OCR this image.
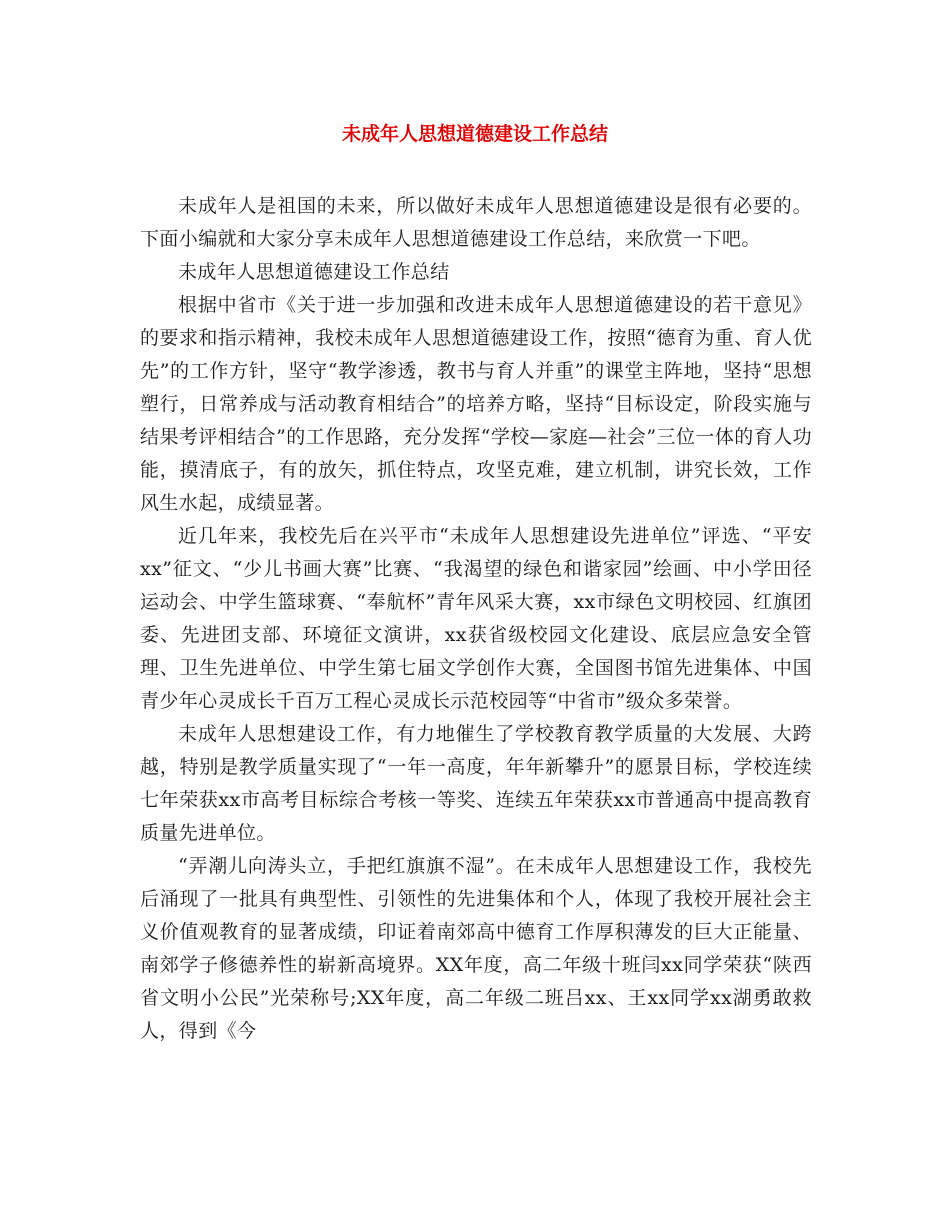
未成年人思想道德建设工作总结

未成年人是祖国的未来，所以做好未成年人思想道德建设是很有必要的。下面小编就和大家分享未成年人思想道德建设工作总结，来欣赏一下吧。

未成年人思想道德建设工作总结

根据中省市《关于进一步加强和改进未成年人思想道德建设的若干意见》的要求和指示精神，我校未成年人思想道德建设工作，按照“德育为重、育人优先”的工作方针，坚守“教学渗透，教书与育人并重”的课堂主阵地，坚持“思想塑行，日常养成与活动教育相结合”的培养方略，坚持“目标设定，阶段实施与结果考评相结合”的工作思路，充分发挥“学校—家庭—社会”三位一体的育人功能，摸清底子，有的放矢，抓住特点，攻坚克难，建立机制，讲究长效，工作风生水起，成绩显著。

近几年来，我校先后在兴平市“未成年人思想建设先进单位”评选、“平安xx”征文、“少儿书画大赛”比赛、“我渴望的绿色和谐家园”绘画、中小学田径运动会、中学生篮球赛、“奉航杯”青年风采大赛，xx市绿色文明校园、红旗团委、先进团支部、环境征文演讲，xx获省级校园文化建设、底层应急安全管理、卫生先进单位、中学生第七届文学创作大赛，全国图书馆先进集体、中国青少年心灵成长千百万工程心灵成长示范校园等“中省市”级众多荣誉。

未成年人思想建设工作，有力地催生了学校教育教学质量的大发展、大跨越，特别是教学质量实现了“一年一高度，年年新攀升”的愿景目标，学校连续七年荣获xx市高考目标综合考核一等奖、连续五年荣获xx市普通高中提高教育质量先进单位。

“弄潮儿向涛头立，手把红旗旗不湿”。在未成年人思想建设工作，我校先后涌现了一批具有典型性、引领性的先进集体和个人，体现了我校开展社会主义价值观教育的显著成绩，印证着南郊高中德育工作厚积薄发的巨大正能量、南郊学子修德养性的崭新高境界。XX年度，高二年级十班闫xx同学荣获“陕西省文明小公民”光荣称号;XX年度，高二年级二班吕xx、王xx同学xx湖勇敢救人，得到《今
